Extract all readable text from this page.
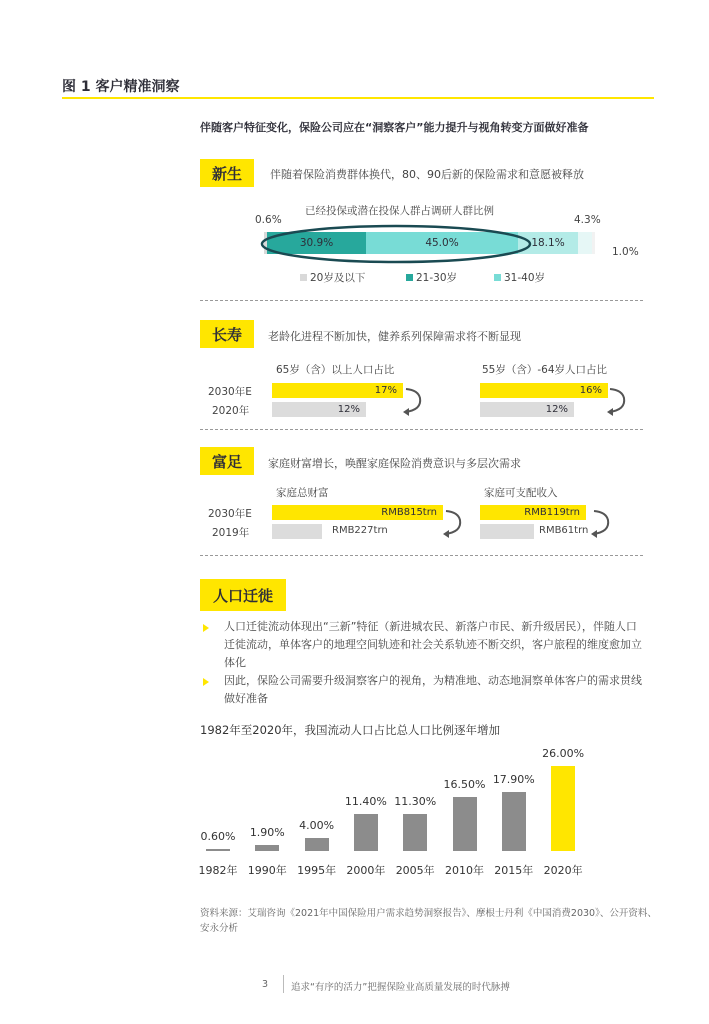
图 1 客户精准洞察
伴随客户特征变化，保险公司应在“洞察客户”能力提升与视角转变方面做好准备
新生	伴随着保险消费群体换代，80、90后新的保险需求和意愿被释放
已经投保或潜在投保人群占调研人群比例
0.6%	4.3%
1.0%
30.9%	45.0%	18.1%
20岁及以下	21-30岁	31-40岁
长寿	老龄化进程不断加快，健养系列保障需求将不断显现
65岁（含）以上人口占比	55岁（含）-64岁人口占比
2030年E
2020年
17%
12%
16%
12%
富足	家庭财富增长，唤醒家庭保险消费意识与多层次需求
家庭总财富	家庭可支配收入
2030年E
2019年
RMB815trn
RMB227trn
RMB119trn
RMB61trn
人口迁徙
人口迁徙流动体现出“三新”特征（新进城农民、新落户市民、新升级居民），伴随人口迁徙流动，单体客户的地理空间轨迹和社会关系轨迹不断交织，客户旅程的维度愈加立体化
因此，保险公司需要升级洞察客户的视角，为精准地、动态地洞察单体客户的需求贯线做好准备
1982年至2020年，我国流动人口占比总人口比例逐年增加
0.60%
1982年
1.90%
1990年
4.00%
1995年
11.40%
2000年
11.30%
2005年
16.50%
2010年
17.90%
2015年
26.00%
2020年
资料来源：艾瑞咨询《2021年中国保险用户需求趋势洞察报告》、摩根士丹利《中国消费2030》、公开资料、安永分析
3 追求“有序的活力”把握保险业高质量发展的时代脉搏
